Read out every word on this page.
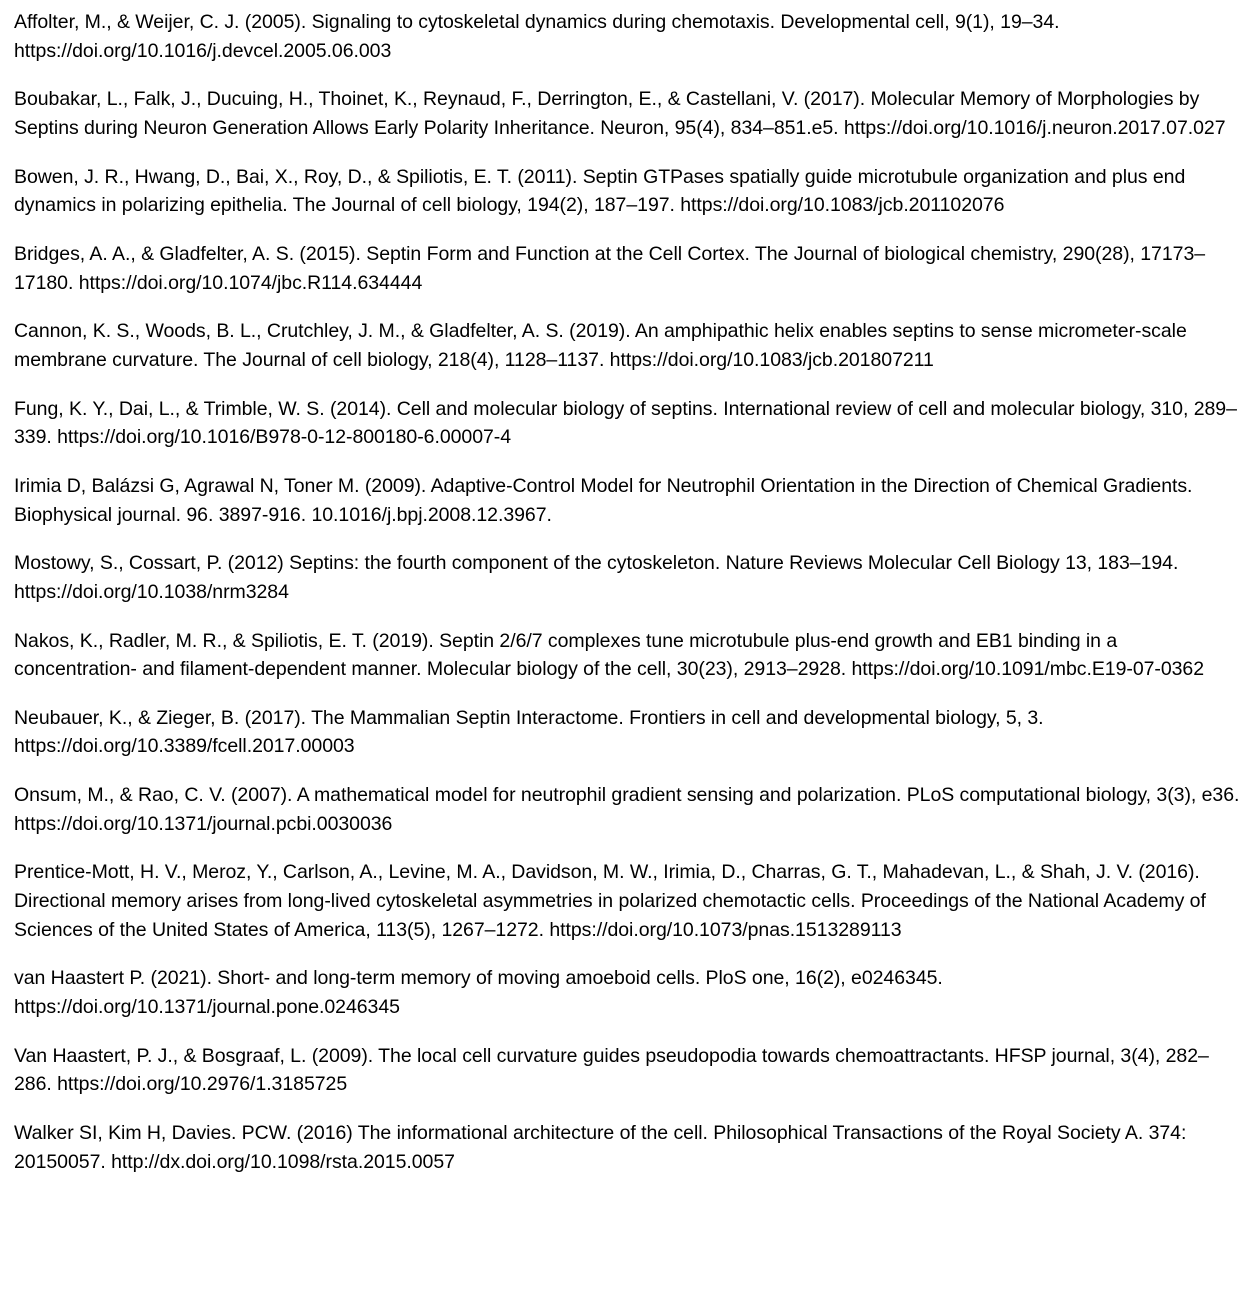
Affolter, M., & Weijer, C. J. (2005). Signaling to cytoskeletal dynamics during chemotaxis. Developmental cell, 9(1), 19–34. https://doi.org/10.1016/j.devcel.2005.06.003

Boubakar, L., Falk, J., Ducuing, H., Thoinet, K., Reynaud, F., Derrington, E., & Castellani, V. (2017). Molecular Memory of Morphologies by Septins during Neuron Generation Allows Early Polarity Inheritance. Neuron, 95(4), 834–851.e5. https://doi.org/10.1016/j.neuron.2017.07.027

Bowen, J. R., Hwang, D., Bai, X., Roy, D., & Spiliotis, E. T. (2011). Septin GTPases spatially guide microtubule organization and plus end dynamics in polarizing epithelia. The Journal of cell biology, 194(2), 187–197. https://doi.org/10.1083/jcb.201102076

Bridges, A. A., & Gladfelter, A. S. (2015). Septin Form and Function at the Cell Cortex. The Journal of biological chemistry, 290(28), 17173–17180. https://doi.org/10.1074/jbc.R114.634444

Cannon, K. S., Woods, B. L., Crutchley, J. M., & Gladfelter, A. S. (2019). An amphipathic helix enables septins to sense micrometer-scale membrane curvature. The Journal of cell biology, 218(4), 1128–1137. https://doi.org/10.1083/jcb.201807211

Fung, K. Y., Dai, L., & Trimble, W. S. (2014). Cell and molecular biology of septins. International review of cell and molecular biology, 310, 289–339. https://doi.org/10.1016/B978-0-12-800180-6.00007-4

Irimia D, Balázsi G, Agrawal N, Toner M. (2009). Adaptive-Control Model for Neutrophil Orientation in the Direction of Chemical Gradients. Biophysical journal. 96. 3897-916. 10.1016/j.bpj.2008.12.3967.

Mostowy, S., Cossart, P. (2012) Septins: the fourth component of the cytoskeleton. Nature Reviews Molecular Cell Biology 13, 183–194. https://doi.org/10.1038/nrm3284

Nakos, K., Radler, M. R., & Spiliotis, E. T. (2019). Septin 2/6/7 complexes tune microtubule plus-end growth and EB1 binding in a concentration- and filament-dependent manner. Molecular biology of the cell, 30(23), 2913–2928. https://doi.org/10.1091/mbc.E19-07-0362

Neubauer, K., & Zieger, B. (2017). The Mammalian Septin Interactome. Frontiers in cell and developmental biology, 5, 3. https://doi.org/10.3389/fcell.2017.00003

Onsum, M., & Rao, C. V. (2007). A mathematical model for neutrophil gradient sensing and polarization. PLoS computational biology, 3(3), e36. https://doi.org/10.1371/journal.pcbi.0030036

Prentice-Mott, H. V., Meroz, Y., Carlson, A., Levine, M. A., Davidson, M. W., Irimia, D., Charras, G. T., Mahadevan, L., & Shah, J. V. (2016). Directional memory arises from long-lived cytoskeletal asymmetries in polarized chemotactic cells. Proceedings of the National Academy of Sciences of the United States of America, 113(5), 1267–1272. https://doi.org/10.1073/pnas.1513289113

van Haastert P. (2021). Short- and long-term memory of moving amoeboid cells. PloS one, 16(2), e0246345. https://doi.org/10.1371/journal.pone.0246345

Van Haastert, P. J., & Bosgraaf, L. (2009). The local cell curvature guides pseudopodia towards chemoattractants. HFSP journal, 3(4), 282–286. https://doi.org/10.2976/1.3185725

Walker SI, Kim H, Davies. PCW. (2016) The informational architecture of the cell. Philosophical Transactions of the Royal Society A. 374: 20150057. http://dx.doi.org/10.1098/rsta.2015.0057
